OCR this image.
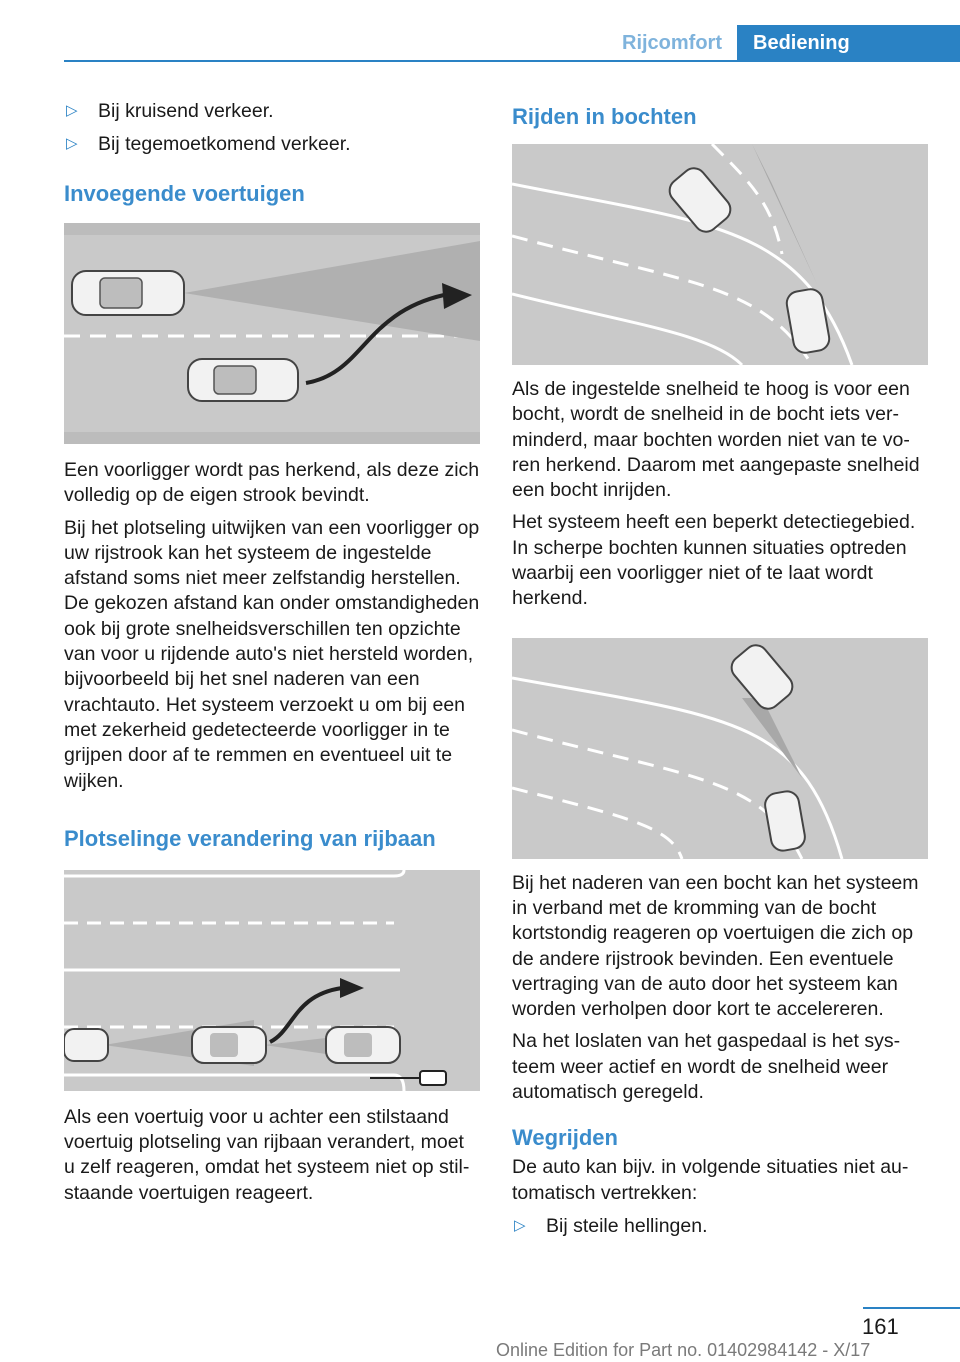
Rijcomfort	Bediening
▷ Bij kruisend verkeer.
▷ Bij tegemoetkomend verkeer.
Invoegende voertuigen

Een voorligger wordt pas herkend, als deze zich volledig op de eigen strook bevindt.

Bij het plotseling uitwijken van een voorligger op uw rijstrook kan het systeem de ingestelde afstand soms niet meer zelfstandig herstellen. De gekozen afstand kan onder omstandigheden ook bij grote snelheidsverschillen ten opzichte van voor u rijdende auto's niet hersteld worden, bijvoorbeeld bij het snel naderen van een vrachtauto. Het systeem verzoekt u om bij een met zekerheid gedetecteerde voorligger in te grijpen door af te remmen en eventueel uit te wijken.

Plotselinge verandering van rijbaan

Als een voertuig voor u achter een stilstaand voertuig plotseling van rijbaan verandert, moet u zelf reageren, omdat het systeem niet op stilstaande voertuigen reageert.

Rijden in bochten

Als de ingestelde snelheid te hoog is voor een bocht, wordt de snelheid in de bocht iets verminderd, maar bochten worden niet van te voren herkend. Daarom met aangepaste snelheid een bocht inrijden.

Het systeem heeft een beperkt detectiegebied. In scherpe bochten kunnen situaties optreden waarbij een voorligger niet of te laat wordt herkend.

Bij het naderen van een bocht kan het systeem in verband met de kromming van de bocht kortstondig reageren op voertuigen die zich op de andere rijstrook bevinden. Een eventuele vertraging van de auto door het systeem kan worden verholpen door kort te accelereren.

Na het loslaten van het gaspedaal is het systeem weer actief en wordt de snelheid weer automatisch geregeld.

Wegrijden

De auto kan bijv. in volgende situaties niet automatisch vertrekken:

▷ Bij steile hellingen.
161
Online Edition for Part no. 01402984142 - X/17
